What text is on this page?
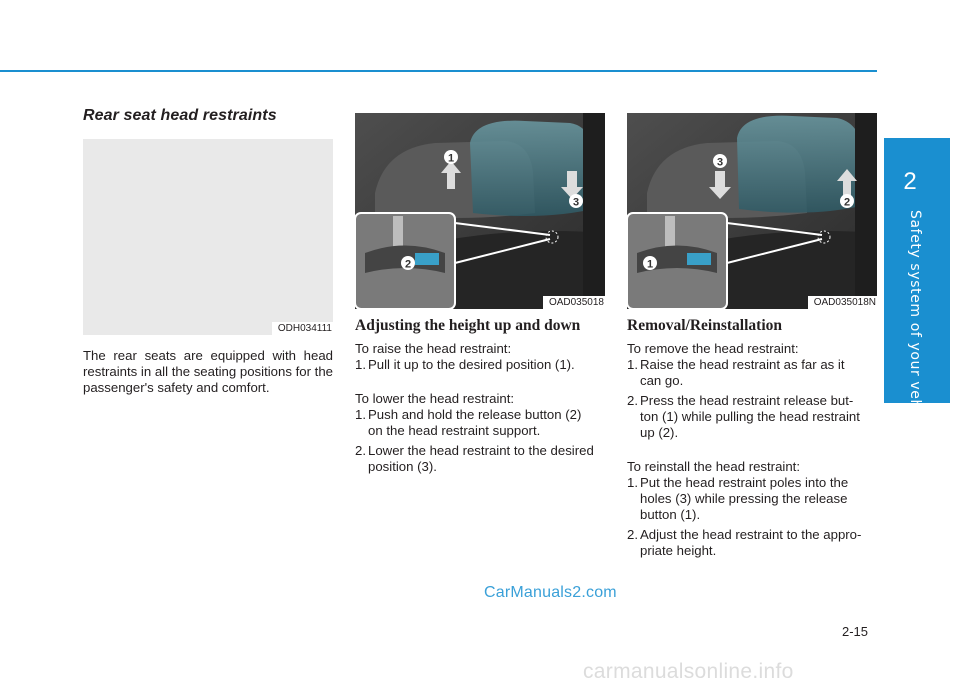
2
Safety system of your vehicle
Rear seat head restraints
ODH034111

The rear seats are equipped with head restraints in all the seating positions for the passenger's safety and comfort.

1
3
2
OAD035018
Adjusting the height up and down

To raise the head restraint:

1. Pull it up to the desired position (1).

To lower the head restraint:

1. Push and hold the release button (2)
on the head restraint support.
2. Lower the head restraint to the desired
position (3).
3
2
1
OAD035018N
Removal/Reinstallation

To remove the head restraint:

1. Raise the head restraint as far as it
can go.
2. Press the head restraint release but-
ton (1) while pulling the head restraint
up (2).

To reinstall the head restraint:

1. Put the head restraint poles into the
holes (3) while pressing the release
button (1).
2. Adjust the head restraint to the appro-
priate height.
CarManuals2.com
2-15
carmanualsonline.info
